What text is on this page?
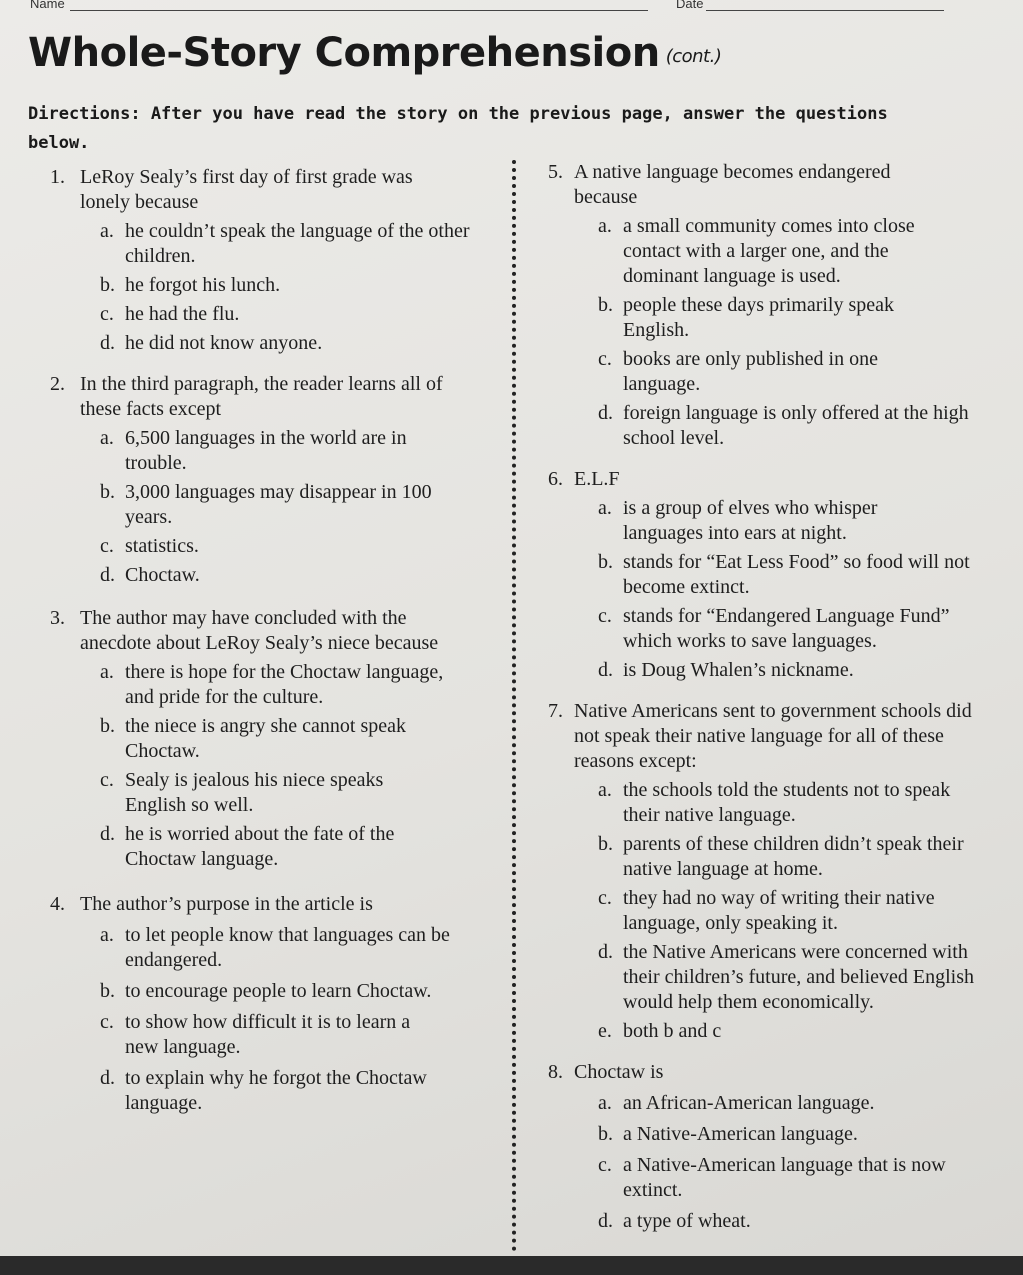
Name	Date
Whole-Story Comprehension (cont.)
Directions: After you have read the story on the previous page, answer the questions below.
1. LeRoy Sealy’s first day of first grade was lonely because
a. he couldn’t speak the language of the other children.
b. he forgot his lunch.
c. he had the flu.
d. he did not know anyone.
2. In the third paragraph, the reader learns all of these facts except
a. 6,500 languages in the world are in trouble.
b. 3,000 languages may disappear in 100 years.
c. statistics.
d. Choctaw.
3. The author may have concluded with the anecdote about LeRoy Sealy’s niece because
a. there is hope for the Choctaw language, and pride for the culture.
b. the niece is angry she cannot speak Choctaw.
c. Sealy is jealous his niece speaks English so well.
d. he is worried about the fate of the Choctaw language.
4. The author’s purpose in the article is
a. to let people know that languages can be endangered.
b. to encourage people to learn Choctaw.
c. to show how difficult it is to learn a new language.
d. to explain why he forgot the Choctaw language.
5. A native language becomes endangered because
a. a small community comes into close contact with a larger one, and the dominant language is used.
b. people these days primarily speak English.
c. books are only published in one language.
d. foreign language is only offered at the high school level.
6. E.L.F
a. is a group of elves who whisper languages into ears at night.
b. stands for “Eat Less Food” so food will not become extinct.
c. stands for “Endangered Language Fund” which works to save languages.
d. is Doug Whalen’s nickname.
7. Native Americans sent to government schools did not speak their native language for all of these reasons except:
a. the schools told the students not to speak their native language.
b. parents of these children didn’t speak their native language at home.
c. they had no way of writing their native language, only speaking it.
d. the Native Americans were concerned with their children’s future, and believed English would help them economically.
e. both b and c
8. Choctaw is
a. an African-American language.
b. a Native-American language.
c. a Native-American language that is now extinct.
d. a type of wheat.
